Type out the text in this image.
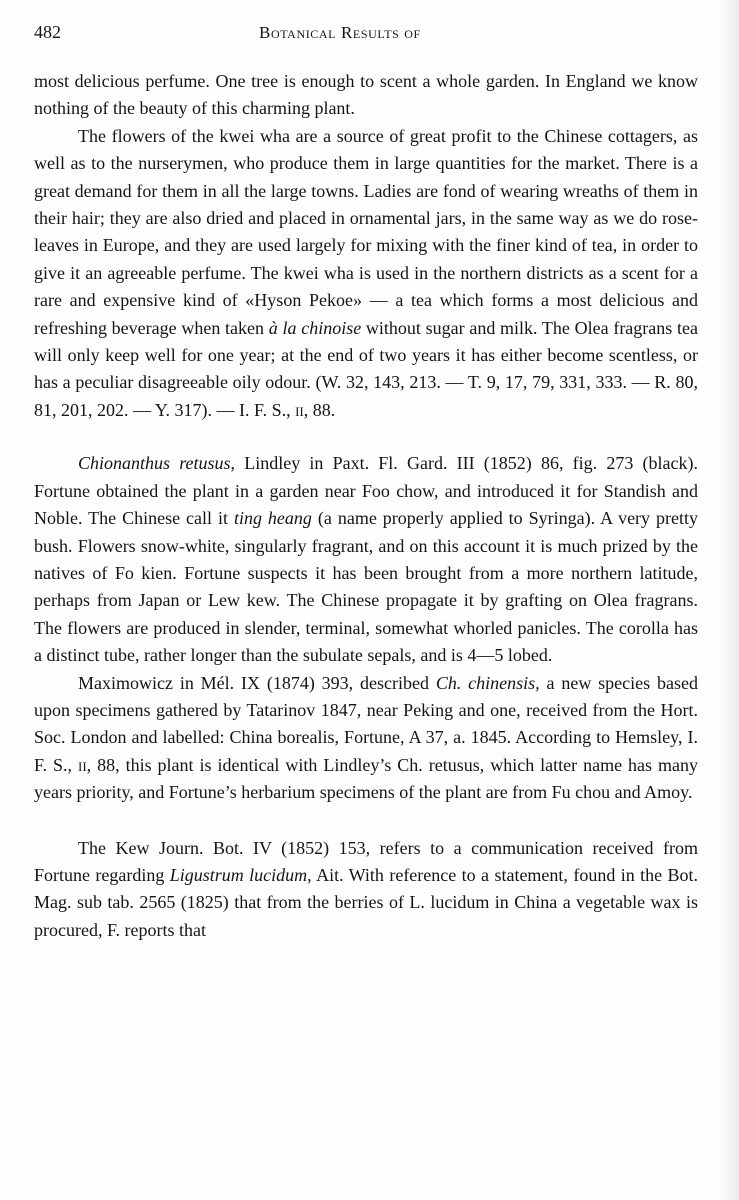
482	Botanical Results of

most delicious perfume. One tree is enough to scent a whole garden. In England we know nothing of the beauty of this charming plant.

The flowers of the kwei wha are a source of great profit to the Chinese cottagers, as well as to the nurserymen, who produce them in large quantities for the market. There is a great demand for them in all the large towns. Ladies are fond of wearing wreaths of them in their hair; they are also dried and placed in ornamental jars, in the same way as we do rose-leaves in Europe, and they are used largely for mixing with the finer kind of tea, in order to give it an agreeable perfume. The kwei wha is used in the northern districts as a scent for a rare and expensive kind of «Hyson Pekoe» — a tea which forms a most delicious and refreshing beverage when taken à la chinoise without sugar and milk. The Olea fragrans tea will only keep well for one year; at the end of two years it has either become scentless, or has a peculiar disagreeable oily odour. (W. 32, 143, 213. — T. 9, 17, 79, 331, 333. — R. 80, 81, 201, 202. — Y. 317). — I. F. S., ii, 88.

Chionanthus retusus, Lindley in Paxt. Fl. Gard. III (1852) 86, fig. 273 (black). Fortune obtained the plant in a garden near Foo chow, and introduced it for Standish and Noble. The Chinese call it ting heang (a name properly applied to Syringa). A very pretty bush. Flowers snow-white, singularly fragrant, and on this account it is much prized by the natives of Fo kien. Fortune suspects it has been brought from a more northern latitude, perhaps from Japan or Lew kew. The Chinese propagate it by grafting on Olea fragrans. The flowers are produced in slender, terminal, somewhat whorled panicles. The corolla has a distinct tube, rather longer than the subulate sepals, and is 4—5 lobed.

Maximowicz in Mél. IX (1874) 393, described Ch. chinensis, a new species based upon specimens gathered by Tatarinov 1847, near Peking and one, received from the Hort. Soc. London and labelled: China borealis, Fortune, A 37, a. 1845. According to Hemsley, I. F. S., ii, 88, this plant is identical with Lindley’s Ch. retusus, which latter name has many years priority, and Fortune’s herbarium specimens of the plant are from Fu chou and Amoy.

The Kew Journ. Bot. IV (1852) 153, refers to a communication received from Fortune regarding Ligustrum lucidum, Ait. With reference to a statement, found in the Bot. Mag. sub tab. 2565 (1825) that from the berries of L. lucidum in China a vegetable wax is procured, F. reports that
